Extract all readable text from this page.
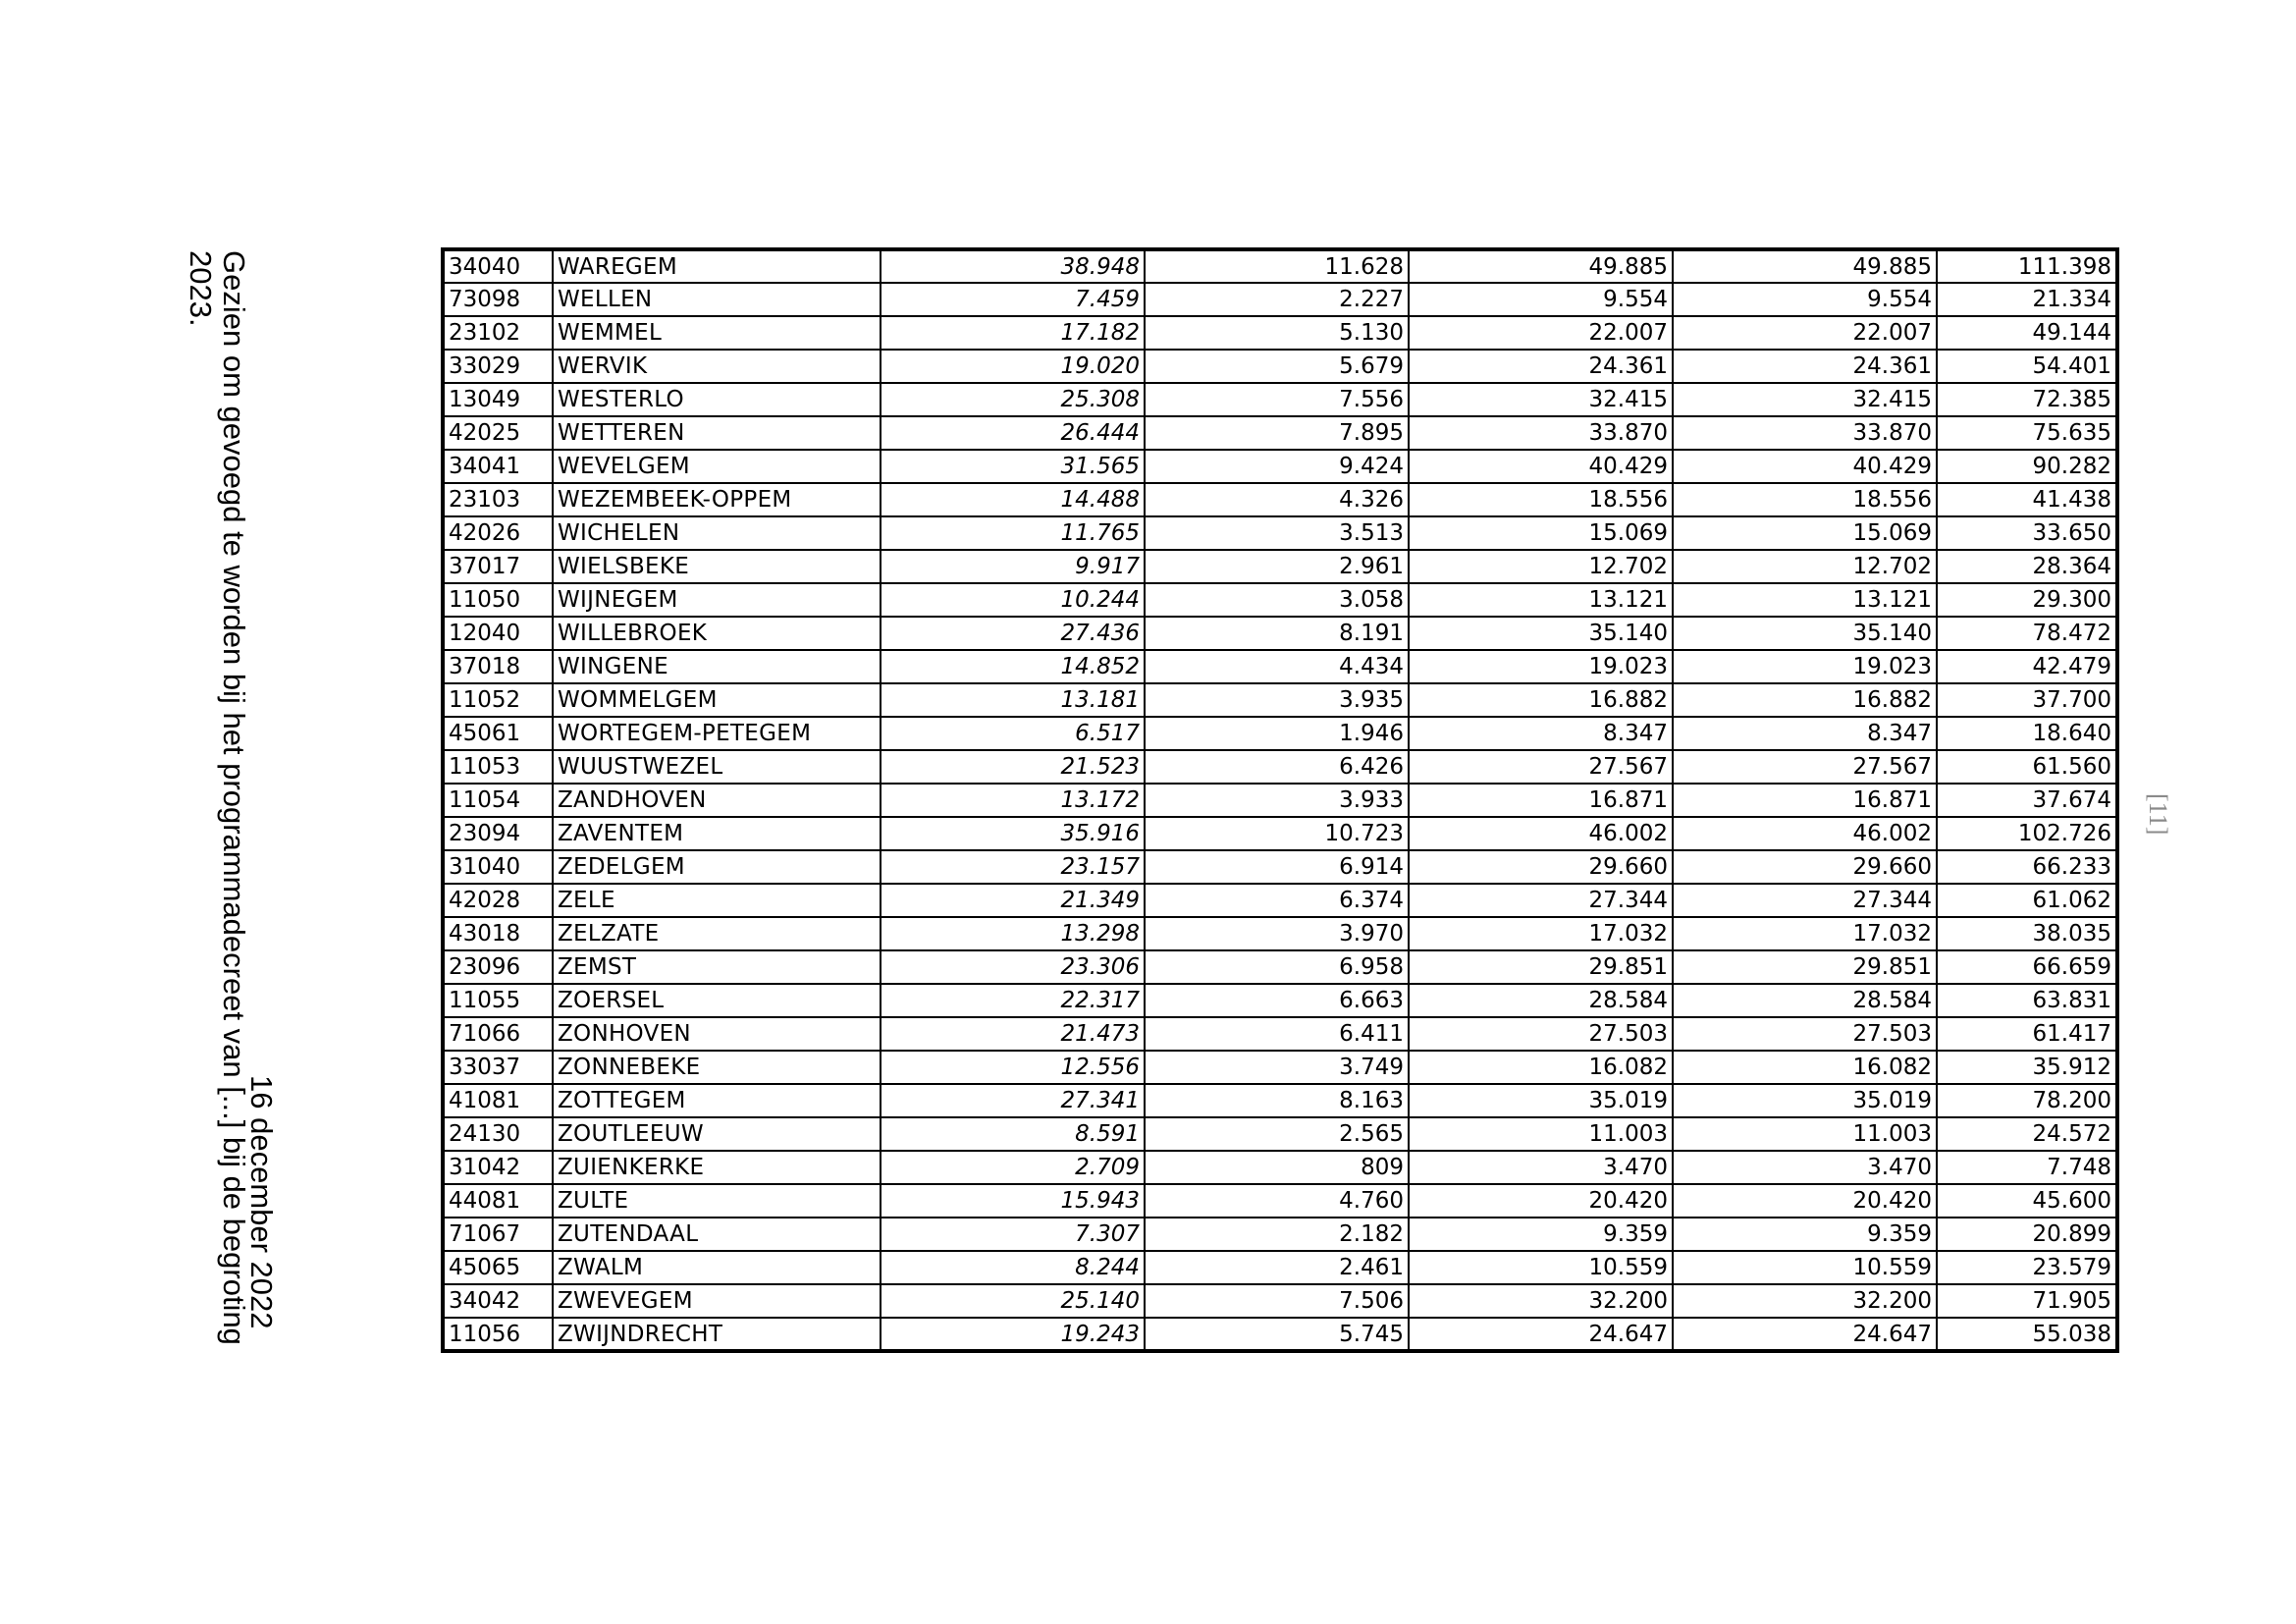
Gezien om gevoegd te worden bij het programmadecreet van [...] bij de begroting
2023.
16 december 2022
[11]
34040	WAREGEM	38.948	11.628	49.885	49.885	111.398
73098	WELLEN	7.459	2.227	9.554	9.554	21.334
23102	WEMMEL	17.182	5.130	22.007	22.007	49.144
33029	WERVIK	19.020	5.679	24.361	24.361	54.401
13049	WESTERLO	25.308	7.556	32.415	32.415	72.385
42025	WETTEREN	26.444	7.895	33.870	33.870	75.635
34041	WEVELGEM	31.565	9.424	40.429	40.429	90.282
23103	WEZEMBEEK-OPPEM	14.488	4.326	18.556	18.556	41.438
42026	WICHELEN	11.765	3.513	15.069	15.069	33.650
37017	WIELSBEKE	9.917	2.961	12.702	12.702	28.364
11050	WIJNEGEM	10.244	3.058	13.121	13.121	29.300
12040	WILLEBROEK	27.436	8.191	35.140	35.140	78.472
37018	WINGENE	14.852	4.434	19.023	19.023	42.479
11052	WOMMELGEM	13.181	3.935	16.882	16.882	37.700
45061	WORTEGEM-PETEGEM	6.517	1.946	8.347	8.347	18.640
11053	WUUSTWEZEL	21.523	6.426	27.567	27.567	61.560
11054	ZANDHOVEN	13.172	3.933	16.871	16.871	37.674
23094	ZAVENTEM	35.916	10.723	46.002	46.002	102.726
31040	ZEDELGEM	23.157	6.914	29.660	29.660	66.233
42028	ZELE	21.349	6.374	27.344	27.344	61.062
43018	ZELZATE	13.298	3.970	17.032	17.032	38.035
23096	ZEMST	23.306	6.958	29.851	29.851	66.659
11055	ZOERSEL	22.317	6.663	28.584	28.584	63.831
71066	ZONHOVEN	21.473	6.411	27.503	27.503	61.417
33037	ZONNEBEKE	12.556	3.749	16.082	16.082	35.912
41081	ZOTTEGEM	27.341	8.163	35.019	35.019	78.200
24130	ZOUTLEEUW	8.591	2.565	11.003	11.003	24.572
31042	ZUIENKERKE	2.709	809	3.470	3.470	7.748
44081	ZULTE	15.943	4.760	20.420	20.420	45.600
71067	ZUTENDAAL	7.307	2.182	9.359	9.359	20.899
45065	ZWALM	8.244	2.461	10.559	10.559	23.579
34042	ZWEVEGEM	25.140	7.506	32.200	32.200	71.905
11056	ZWIJNDRECHT	19.243	5.745	24.647	24.647	55.038
